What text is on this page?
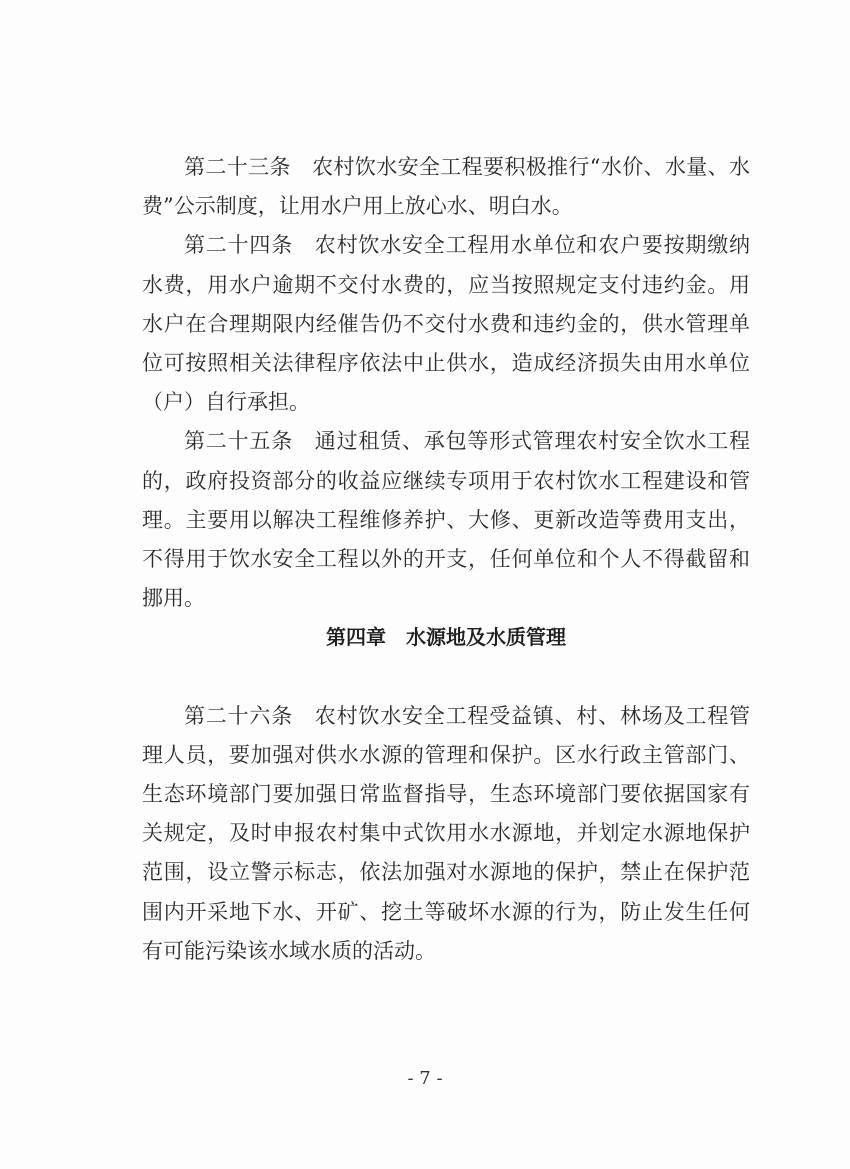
第二十三条　农村饮水安全工程要积极推行“水价、水量、水费”公示制度，让用水户用上放心水、明白水。

第二十四条　农村饮水安全工程用水单位和农户要按期缴纳水费，用水户逾期不交付水费的，应当按照规定支付违约金。用水户在合理期限内经催告仍不交付水费和违约金的，供水管理单位可按照相关法律程序依法中止供水，造成经济损失由用水单位（户）自行承担。

第二十五条　通过租赁、承包等形式管理农村安全饮水工程的，政府投资部分的收益应继续专项用于农村饮水工程建设和管理。主要用以解决工程维修养护、大修、更新改造等费用支出，不得用于饮水安全工程以外的开支，任何单位和个人不得截留和挪用。

第四章　水源地及水质管理

第二十六条　农村饮水安全工程受益镇、村、林场及工程管理人员，要加强对供水水源的管理和保护。区水行政主管部门、生态环境部门要加强日常监督指导，生态环境部门要依据国家有关规定，及时申报农村集中式饮用水水源地，并划定水源地保护范围，设立警示标志，依法加强对水源地的保护，禁止在保护范围内开采地下水、开矿、挖土等破坏水源的行为，防止发生任何有可能污染该水域水质的活动。

- 7 -
